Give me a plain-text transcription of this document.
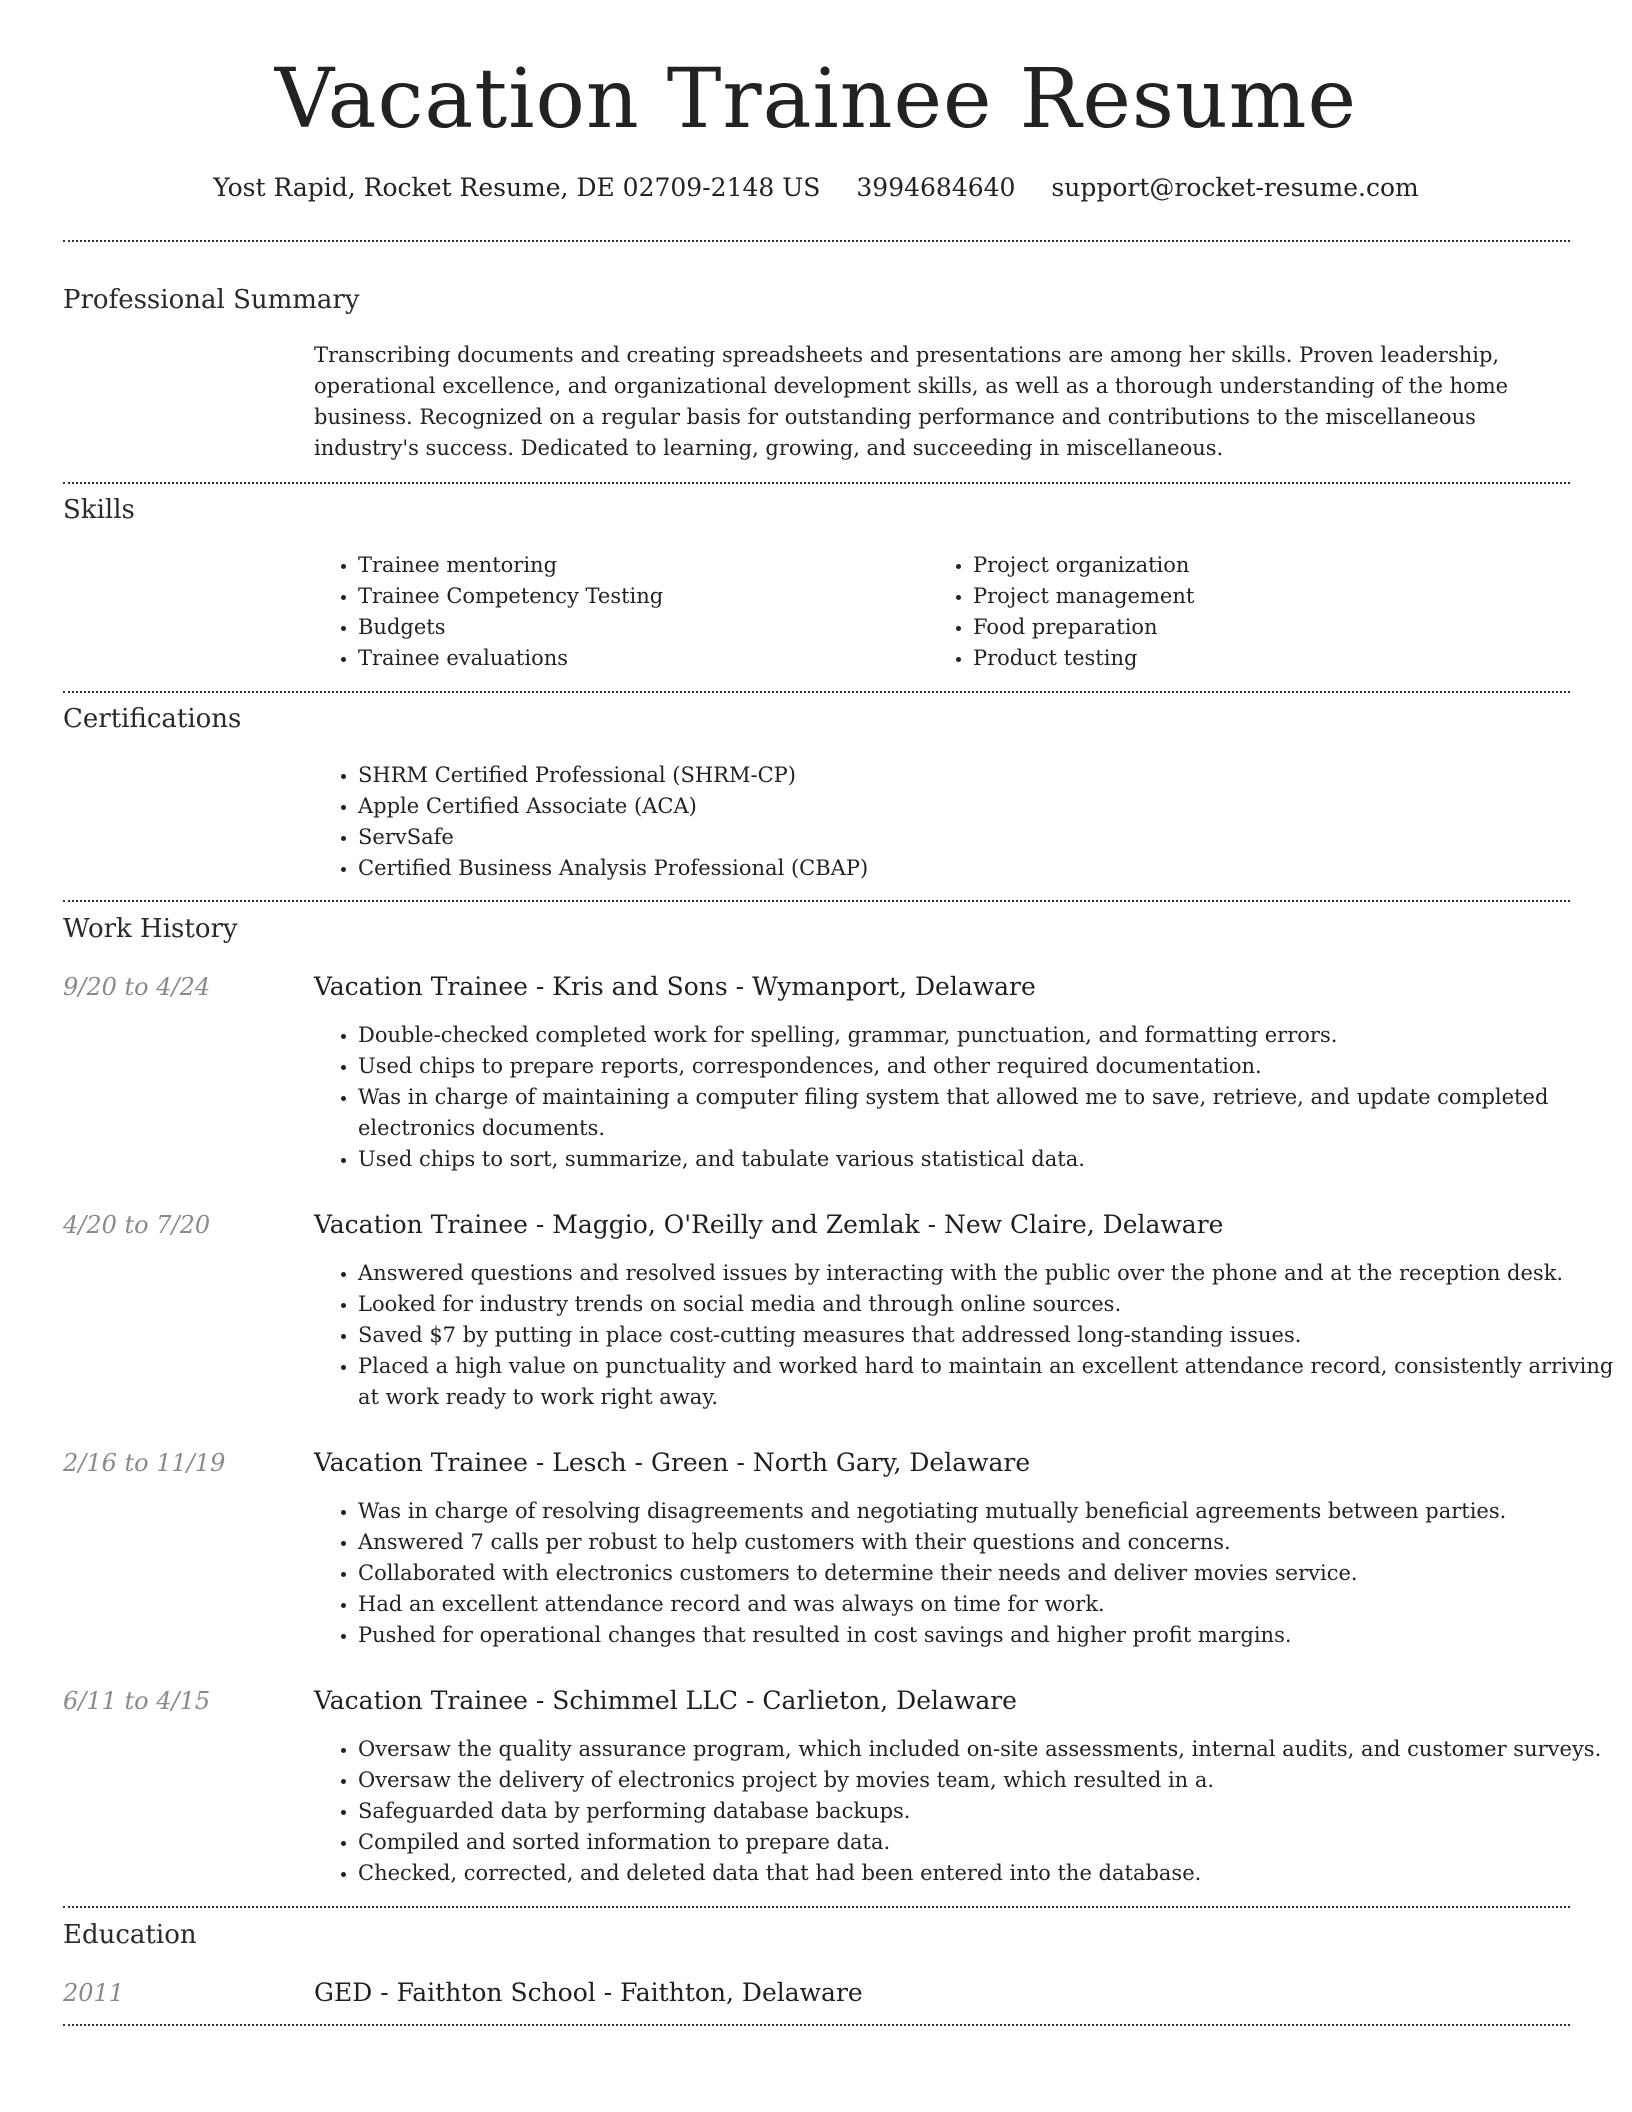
Vacation Trainee Resume
Yost Rapid, Rocket Resume, DE 02709-2148 US 3994684640 support@rocket-resume.com
Professional Summary

Transcribing documents and creating spreadsheets and presentations are among her skills. Proven leadership, operational excellence, and organizational development skills, as well as a thorough understanding of the home business. Recognized on a regular basis for outstanding performance and contributions to the miscellaneous industry's success. Dedicated to learning, growing, and succeeding in miscellaneous.

Skills
• Trainee mentoring
• Trainee Competency Testing
• Budgets
• Trainee evaluations
• Project organization
• Project management
• Food preparation
• Product testing
Certifications
• SHRM Certified Professional (SHRM-CP)
• Apple Certified Associate (ACA)
• ServSafe
• Certified Business Analysis Professional (CBAP)
Work History
9/20 to 4/24	Vacation Trainee - Kris and Sons - Wymanport, Delaware
• Double-checked completed work for spelling, grammar, punctuation, and formatting errors.
• Used chips to prepare reports, correspondences, and other required documentation.
• Was in charge of maintaining a computer filing system that allowed me to save, retrieve, and update completed electronics documents.
• Used chips to sort, summarize, and tabulate various statistical data.
4/20 to 7/20	Vacation Trainee - Maggio, O'Reilly and Zemlak - New Claire, Delaware
• Answered questions and resolved issues by interacting with the public over the phone and at the reception desk.
• Looked for industry trends on social media and through online sources.
• Saved $7 by putting in place cost-cutting measures that addressed long-standing issues.
• Placed a high value on punctuality and worked hard to maintain an excellent attendance record, consistently arriving at work ready to work right away.
2/16 to 11/19	Vacation Trainee - Lesch - Green - North Gary, Delaware
• Was in charge of resolving disagreements and negotiating mutually beneficial agreements between parties.
• Answered 7 calls per robust to help customers with their questions and concerns.
• Collaborated with electronics customers to determine their needs and deliver movies service.
• Had an excellent attendance record and was always on time for work.
• Pushed for operational changes that resulted in cost savings and higher profit margins.
6/11 to 4/15	Vacation Trainee - Schimmel LLC - Carlieton, Delaware
• Oversaw the quality assurance program, which included on-site assessments, internal audits, and customer surveys.
• Oversaw the delivery of electronics project by movies team, which resulted in a.
• Safeguarded data by performing database backups.
• Compiled and sorted information to prepare data.
• Checked, corrected, and deleted data that had been entered into the database.
Education
2011	GED - Faithton School - Faithton, Delaware
